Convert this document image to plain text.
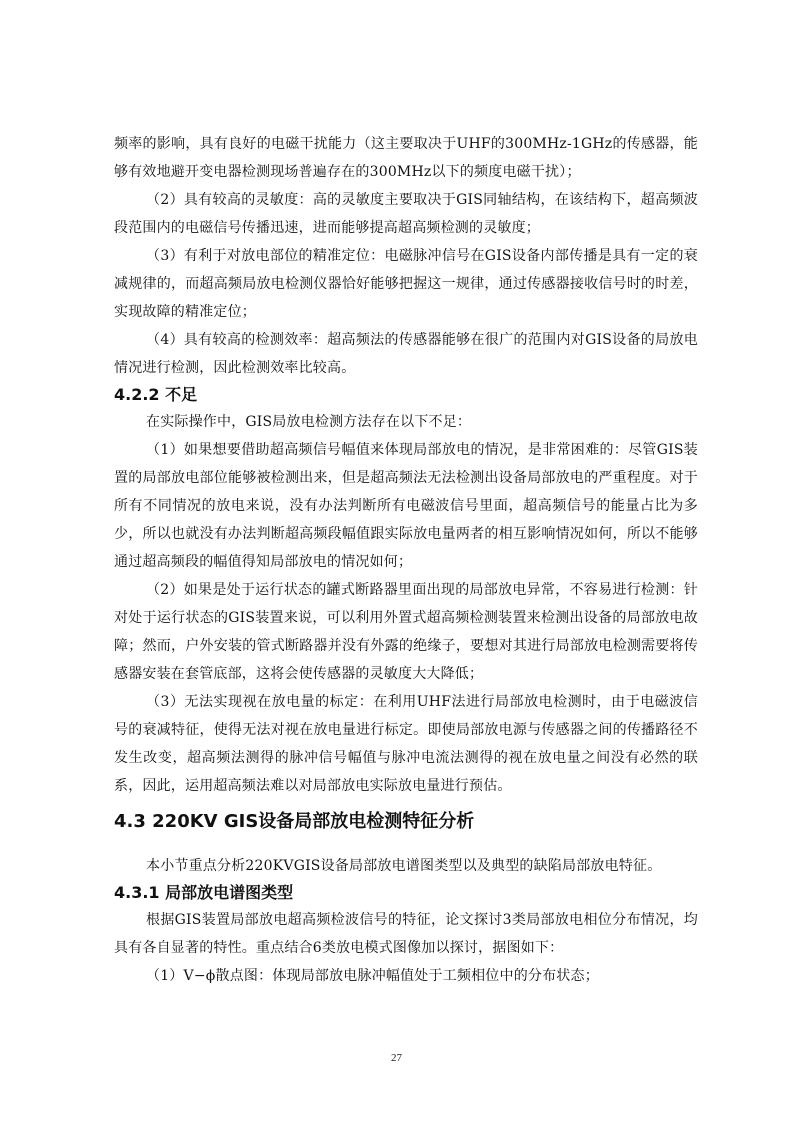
频率的影响，具有良好的电磁干扰能力（这主要取决于UHF的300MHz-1GHz的传感器，能够有效地避开变电器检测现场普遍存在的300MHz以下的频度电磁干扰）；

（2）具有较高的灵敏度：高的灵敏度主要取决于GIS同轴结构，在该结构下，超高频波段范围内的电磁信号传播迅速，进而能够提高超高频检测的灵敏度；

（3）有利于对放电部位的精准定位：电磁脉冲信号在GIS设备内部传播是具有一定的衰减规律的，而超高频局放电检测仪器恰好能够把握这一规律，通过传感器接收信号时的时差，实现故障的精准定位；

（4）具有较高的检测效率：超高频法的传感器能够在很广的范围内对GIS设备的局放电情况进行检测，因此检测效率比较高。

4.2.2 不足

在实际操作中，GIS局放电检测方法存在以下不足：

（1）如果想要借助超高频信号幅值来体现局部放电的情况，是非常困难的：尽管GIS装置的局部放电部位能够被检测出来，但是超高频法无法检测出设备局部放电的严重程度。对于所有不同情况的放电来说，没有办法判断所有电磁波信号里面，超高频信号的能量占比为多少，所以也就没有办法判断超高频段幅值跟实际放电量两者的相互影响情况如何，所以不能够通过超高频段的幅值得知局部放电的情况如何；

（2）如果是处于运行状态的罐式断路器里面出现的局部放电异常，不容易进行检测：针对处于运行状态的GIS装置来说，可以利用外置式超高频检测装置来检测出设备的局部放电故障；然而，户外安装的管式断路器并没有外露的绝缘子，要想对其进行局部放电检测需要将传感器安装在套管底部，这将会使传感器的灵敏度大大降低；

（3）无法实现视在放电量的标定：在利用UHF法进行局部放电检测时，由于电磁波信号的衰减特征，使得无法对视在放电量进行标定。即使局部放电源与传感器之间的传播路径不发生改变，超高频法测得的脉冲信号幅值与脉冲电流法测得的视在放电量之间没有必然的联系，因此，运用超高频法难以对局部放电实际放电量进行预估。

4.3 220KV GIS设备局部放电检测特征分析

本小节重点分析220KVGIS设备局部放电谱图类型以及典型的缺陷局部放电特征。

4.3.1 局部放电谱图类型

根据GIS装置局部放电超高频检波信号的特征，论文探讨3类局部放电相位分布情况，均具有各自显著的特性。重点结合6类放电模式图像加以探讨，据图如下：

（1）V−ϕ散点图：体现局部放电脉冲幅值处于工频相位中的分布状态；

27
